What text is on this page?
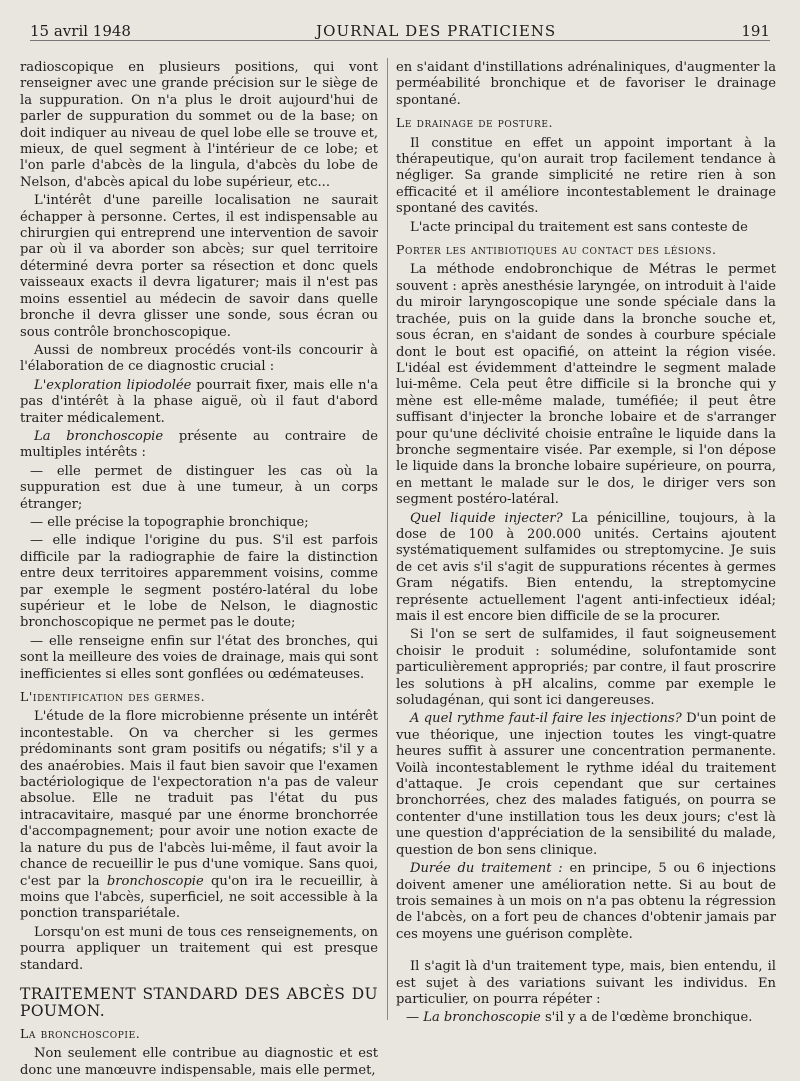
15 avril 1948	JOURNAL DES PRATICIENS	191

radioscopique en plusieurs positions, qui vont renseigner avec une grande précision sur le siège de la suppuration. On n'a plus le droit aujourd'hui de parler de suppuration du sommet ou de la base; on doit indiquer au niveau de quel lobe elle se trouve et, mieux, de quel segment à l'intérieur de ce lobe; et l'on parle d'abcès de la lingula, d'abcès du lobe de Nelson, d'abcès apical du lobe supérieur, etc...

L'intérêt d'une pareille localisation ne saurait échapper à personne. Certes, il est indispensable au chirurgien qui entreprend une intervention de savoir par où il va aborder son abcès; sur quel territoire déterminé devra porter sa résection et donc quels vaisseaux exacts il devra ligaturer; mais il n'est pas moins essentiel au médecin de savoir dans quelle bronche il devra glisser une sonde, sous écran ou sous contrôle bronchoscopique.

Aussi de nombreux procédés vont-ils concourir à l'élaboration de ce diagnostic crucial :

L'exploration lipiodolée pourrait fixer, mais elle n'a pas d'intérêt à la phase aiguë, où il faut d'abord traiter médicalement.

La bronchoscopie présente au contraire de multiples intérêts :

— elle permet de distinguer les cas où la suppuration est due à une tumeur, à un corps étranger;

— elle précise la topographie bronchique;

— elle indique l'origine du pus. S'il est parfois difficile par la radiographie de faire la distinction entre deux territoires apparemment voisins, comme par exemple le segment postéro-latéral du lobe supérieur et le lobe de Nelson, le diagnostic bronchoscopique ne permet pas le doute;

— elle renseigne enfin sur l'état des bronches, qui sont la meilleure des voies de drainage, mais qui sont inefficientes si elles sont gonflées ou œdémateuses.

L'identification des germes.

L'étude de la flore microbienne présente un intérêt incontestable. On va chercher si les germes prédominants sont gram positifs ou négatifs; s'il y a des anaérobies. Mais il faut bien savoir que l'examen bactériologique de l'expectoration n'a pas de valeur absolue. Elle ne traduit pas l'état du pus intracavitaire, masqué par une énorme bronchorrée d'accompagnement; pour avoir une notion exacte de la nature du pus de l'abcès lui-même, il faut avoir la chance de recueillir le pus d'une vomique. Sans quoi, c'est par la bronchoscopie qu'on ira le recueillir, à moins que l'abcès, superficiel, ne soit accessible à la ponction transpariétale.

Lorsqu'on est muni de tous ces renseignements, on pourra appliquer un traitement qui est presque standard.

TRAITEMENT STANDARD DES ABCÈS DU POUMON.
La bronchoscopie.

Non seulement elle contribue au diagnostic et est donc une manœuvre indispensable, mais elle permet,

en s'aidant d'instillations adrénaliniques, d'augmenter la perméabilité bronchique et de favoriser le drainage spontané.

Le drainage de posture.

Il constitue en effet un appoint important à la thérapeutique, qu'on aurait trop facilement tendance à négliger. Sa grande simplicité ne retire rien à son efficacité et il améliore incontestablement le drainage spontané des cavités.

L'acte principal du traitement est sans conteste de

Porter les antibiotiques au contact des lésions.

La méthode endobronchique de Métras le permet souvent : après anesthésie laryngée, on introduit à l'aide du miroir laryngoscopique une sonde spéciale dans la trachée, puis on la guide dans la bronche souche et, sous écran, en s'aidant de sondes à courbure spéciale dont le bout est opacifié, on atteint la région visée. L'idéal est évidemment d'atteindre le segment malade lui-même. Cela peut être difficile si la bronche qui y mène est elle-même malade, tuméfiée; il peut être suffisant d'injecter la bronche lobaire et de s'arranger pour qu'une déclivité choisie entraîne le liquide dans la bronche segmentaire visée. Par exemple, si l'on dépose le liquide dans la bronche lobaire supérieure, on pourra, en mettant le malade sur le dos, le diriger vers son segment postéro-latéral.

Quel liquide injecter? La pénicilline, toujours, à la dose de 100 à 200.000 unités. Certains ajoutent systématiquement sulfamides ou streptomycine. Je suis de cet avis s'il s'agit de suppurations récentes à germes Gram négatifs. Bien entendu, la streptomycine représente actuellement l'agent anti-infectieux idéal; mais il est encore bien difficile de se la procurer.

Si l'on se sert de sulfamides, il faut soigneusement choisir le produit : solumédine, solufontamide sont particulièrement appropriés; par contre, il faut proscrire les solutions à pH alcalins, comme par exemple le soludagénan, qui sont ici dangereuses.

A quel rythme faut-il faire les injections? D'un point de vue théorique, une injection toutes les vingt-quatre heures suffit à assurer une concentration permanente. Voilà incontestablement le rythme idéal du traitement d'attaque. Je crois cependant que sur certaines bronchorrées, chez des malades fatigués, on pourra se contenter d'une instillation tous les deux jours; c'est là une question d'appréciation de la sensibilité du malade, question de bon sens clinique.

Durée du traitement : en principe, 5 ou 6 injections doivent amener une amélioration nette. Si au bout de trois semaines à un mois on n'a pas obtenu la régression de l'abcès, on a fort peu de chances d'obtenir jamais par ces moyens une guérison complète.

Il s'agit là d'un traitement type, mais, bien entendu, il est sujet à des variations suivant les individus. En particulier, on pourra répéter :

— La bronchoscopie s'il y a de l'œdème bronchique.
